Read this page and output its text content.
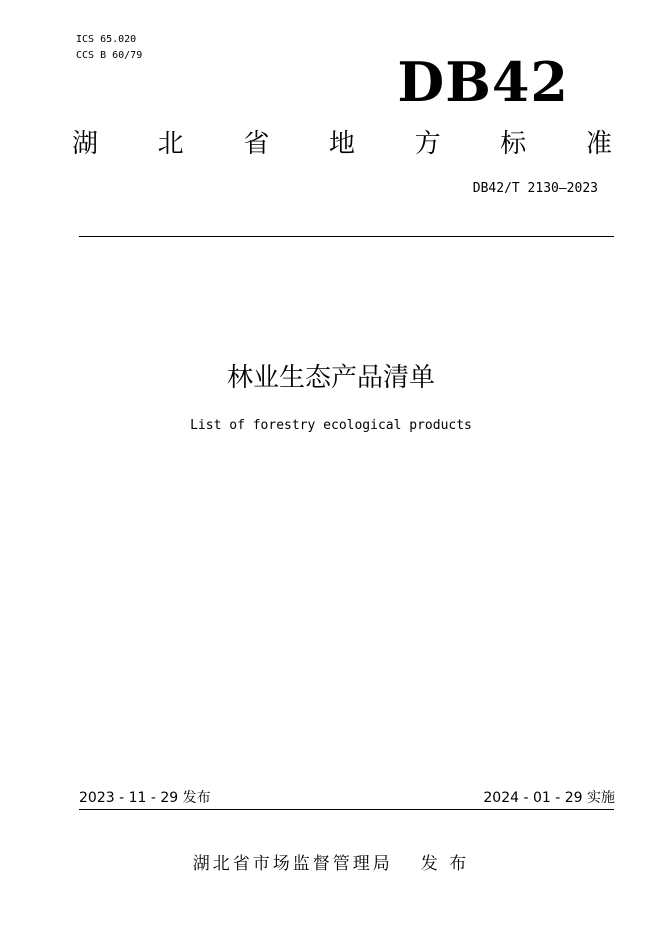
ICS 65.020
CCS B 60/79	DB42
湖 北 省 地 方 标 准
DB42/T 2130—2023
林业生态产品清单
List of forestry ecological products
2023 - 11 - 29 发布	2024 - 01 - 29 实施
湖北省市场监督管理局 发 布
